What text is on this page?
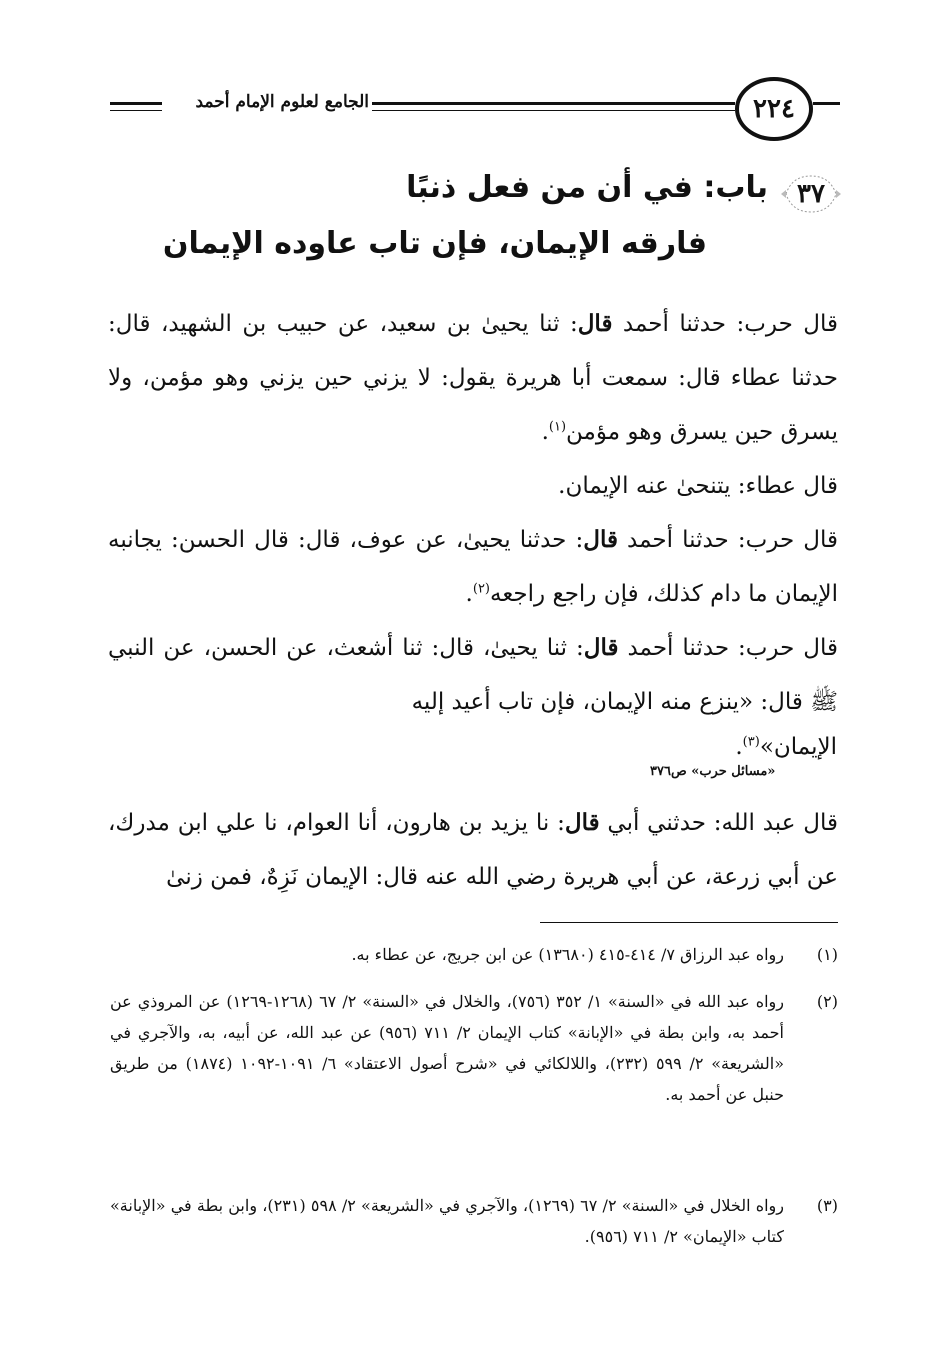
الجامع لعلوم الإمام أحمد	٢٢٤
٣٧
باب: في أن من فعل ذنبًا
فارقه الإيمان، فإن تاب عاوده الإيمان
قال حرب: حدثنا أحمد قال: ثنا يحيىٰ بن سعيد، عن حبيب بن الشهيد، قال: حدثنا عطاء قال: سمعت أبا هريرة يقول: لا يزني حين يزني وهو مؤمن، ولا يسرق حين يسرق وهو مؤمن$^{(١)}$.
قال عطاء: يتنحىٰ عنه الإيمان.
قال حرب: حدثنا أحمد قال: حدثنا يحيىٰ، عن عوف، قال: قال الحسن: يجانبه الإيمان ما دام كذلك، فإن راجع راجعه$^{(٢)}$.
قال حرب: حدثنا أحمد قال: ثنا يحيىٰ، قال: ثنا أشعث، عن الحسن، عن النبي ﷺ قال: «ينزع منه الإيمان، فإن تاب أعيد إليه
الإيمان»$^{(٣)}$.
«مسائل حرب» ص٣٧٦
قال عبد الله: حدثني أبي قال: نا يزيد بن هارون، أنا العوام، نا علي ابن مدرك، عن أبي زرعة، عن أبي هريرة رضي الله عنه قال: الإيمان نَزِهٌ، فمن زنىٰ
(١)
رواه عبد الرزاق ٧/ ٤١٤-٤١٥ (١٣٦٨٠) عن ابن جريج، عن عطاء به.
(٢)
رواه عبد الله في «السنة» ١/ ٣٥٢ (٧٥٦)، والخلال في «السنة» ٢/ ٦٧ (١٢٦٨-١٢٦٩) عن المروذي عن أحمد به، وابن بطة في «الإبانة» كتاب الإيمان ٢/ ٧١١ (٩٥٦) عن عبد الله، عن أبيه، به، والآجري في «الشريعة» ٢/ ٥٩٩ (٢٣٢)، واللالكائي في «شرح أصول الاعتقاد» ٦/ ١٠٩١-١٠٩٢ (١٨٧٤) من طريق حنبل عن أحمد به.
(٣)
رواه الخلال في «السنة» ٢/ ٦٧ (١٢٦٩)، والآجري في «الشريعة» ٢/ ٥٩٨ (٢٣١)، وابن بطة في «الإبانة» كتاب «الإيمان» ٢/ ٧١١ (٩٥٦).
